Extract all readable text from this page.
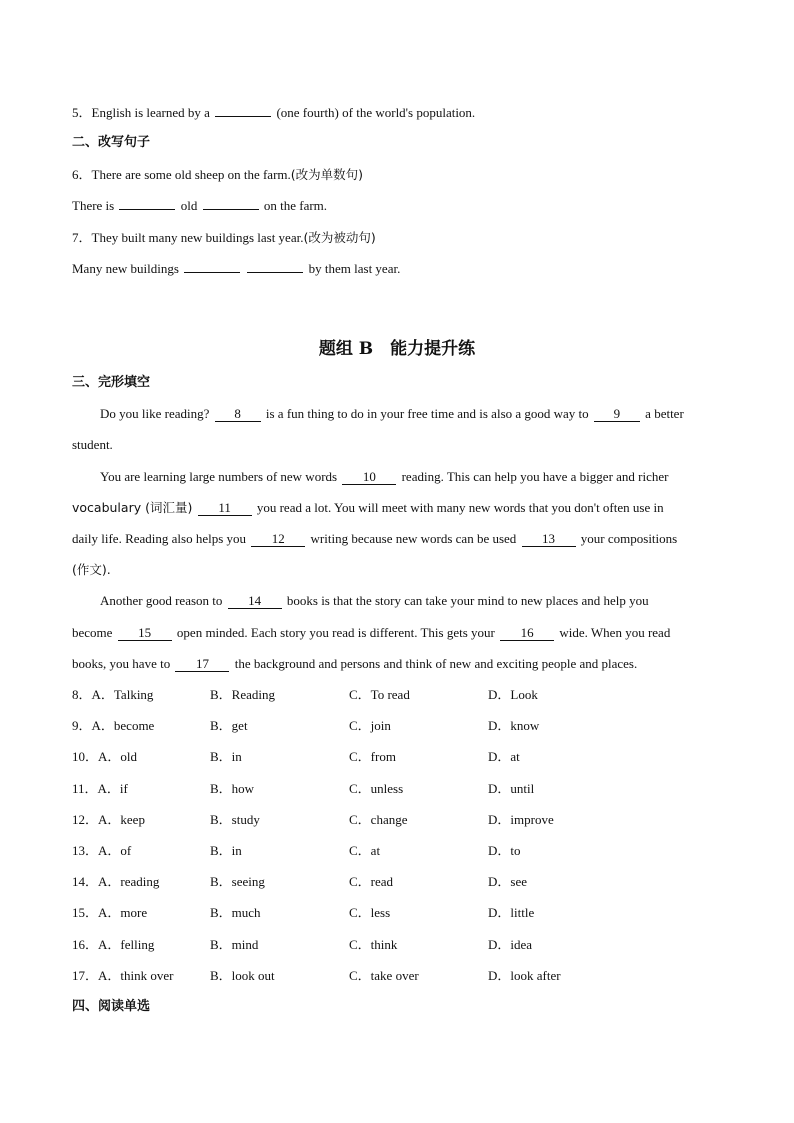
5．English is learned by a	(one fourth) of the world's population.
二、改写句子
6．There are some old sheep on the farm.(改为单数句)
There is	old	on the farm.
7．They built many new buildings last year.(改为被动句)
Many new buildings	by them last year.
题组 B　能力提升练
三、完形填空
Do you like reading? 8 is a fun thing to do in your free time and is also a good way to 9 a better
student.
You are learning large numbers of new words 10 reading. This can help you have a bigger and richer
vocabulary (词汇量) 11 you read a lot. You will meet with many new words that you don't often use in
daily life. Reading also helps you 12 writing because new words can be used 13 your compositions
(作文).
Another good reason to 14 books is that the story can take your mind to new places and help you
become 15 open minded. Each story you read is different. This gets your 16 wide. When you read
books, you have to 17 the background and persons and think of new and exciting people and places.
8．A．Talking	B．Reading	C．To read	D．Look
9．A．become	B．get	C．join	D．know
10．A．old	B．in	C．from	D．at
11．A．if	B．how	C．unless	D．until
12．A．keep	B．study	C．change	D．improve
13．A．of	B．in	C．at	D．to
14．A．reading	B．seeing	C．read	D．see
15．A．more	B．much	C．less	D．little
16．A．felling	B．mind	C．think	D．idea
17．A．think over	B．look out	C．take over	D．look after
四、阅读单选
